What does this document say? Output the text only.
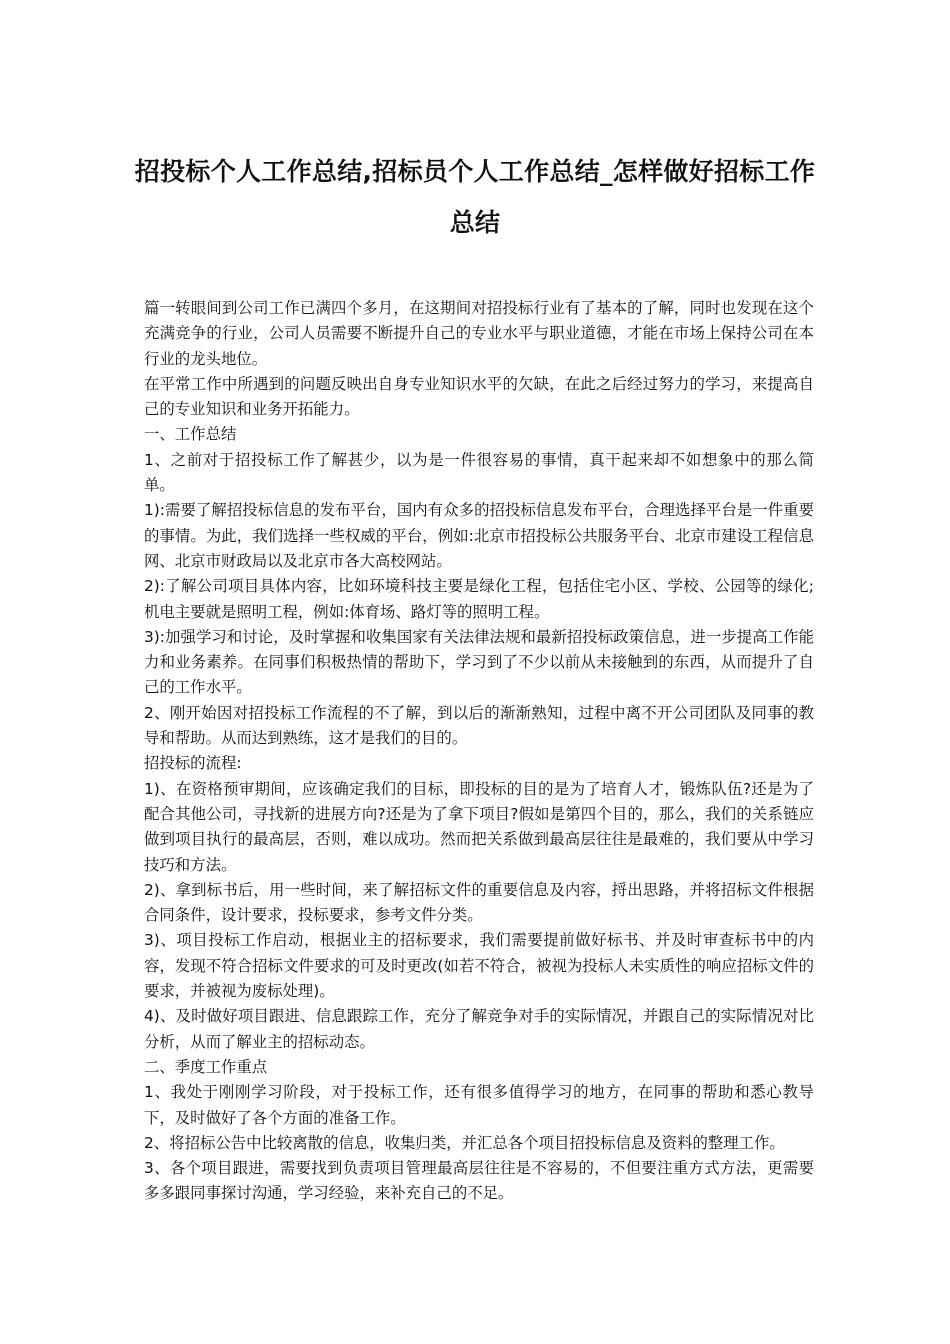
招投标个人工作总结,招标员个人工作总结_怎样做好招标工作总结

篇一转眼间到公司工作已满四个多月，在这期间对招投标行业有了基本的了解，同时也发现在这个充满竞争的行业，公司人员需要不断提升自己的专业水平与职业道德，才能在市场上保持公司在本行业的龙头地位。

在平常工作中所遇到的问题反映出自身专业知识水平的欠缺，在此之后经过努力的学习，来提高自己的专业知识和业务开拓能力。

一、工作总结

1、之前对于招投标工作了解甚少，以为是一件很容易的事情，真干起来却不如想象中的那么简单。

1):需要了解招投标信息的发布平台，国内有众多的招投标信息发布平台，合理选择平台是一件重要的事情。为此，我们选择一些权威的平台，例如:北京市招投标公共服务平台、北京市建设工程信息网、北京市财政局以及北京市各大高校网站。

2):了解公司项目具体内容，比如环境科技主要是绿化工程，包括住宅小区、学校、公园等的绿化;机电主要就是照明工程，例如:体育场、路灯等的照明工程。

3):加强学习和讨论，及时掌握和收集国家有关法律法规和最新招投标政策信息，进一步提高工作能力和业务素养。在同事们积极热情的帮助下，学习到了不少以前从未接触到的东西，从而提升了自己的工作水平。

2、刚开始因对招投标工作流程的不了解，到以后的渐渐熟知，过程中离不开公司团队及同事的教导和帮助。从而达到熟练，这才是我们的目的。

招投标的流程:

1)、在资格预审期间，应该确定我们的目标，即投标的目的是为了培育人才，锻炼队伍?还是为了配合其他公司，寻找新的进展方向?还是为了拿下项目?假如是第四个目的，那么，我们的关系链应做到项目执行的最高层，否则，难以成功。然而把关系做到最高层往往是最难的，我们要从中学习技巧和方法。

2)、拿到标书后，用一些时间，来了解招标文件的重要信息及内容，捋出思路，并将招标文件根据合同条件，设计要求，投标要求，参考文件分类。

3)、项目投标工作启动，根据业主的招标要求，我们需要提前做好标书、并及时审查标书中的内容，发现不符合招标文件要求的可及时更改(如若不符合，被视为投标人未实质性的响应招标文件的要求，并被视为废标处理)。

4)、及时做好项目跟进、信息跟踪工作，充分了解竞争对手的实际情况，并跟自己的实际情况对比分析，从而了解业主的招标动态。

二、季度工作重点

1、我处于刚刚学习阶段，对于投标工作，还有很多值得学习的地方，在同事的帮助和悉心教导下，及时做好了各个方面的准备工作。

2、将招标公告中比较离散的信息，收集归类，并汇总各个项目招投标信息及资料的整理工作。

3、各个项目跟进，需要找到负责项目管理最高层往往是不容易的，不但要注重方式方法，更需要多多跟同事探讨沟通，学习经验，来补充自己的不足。
